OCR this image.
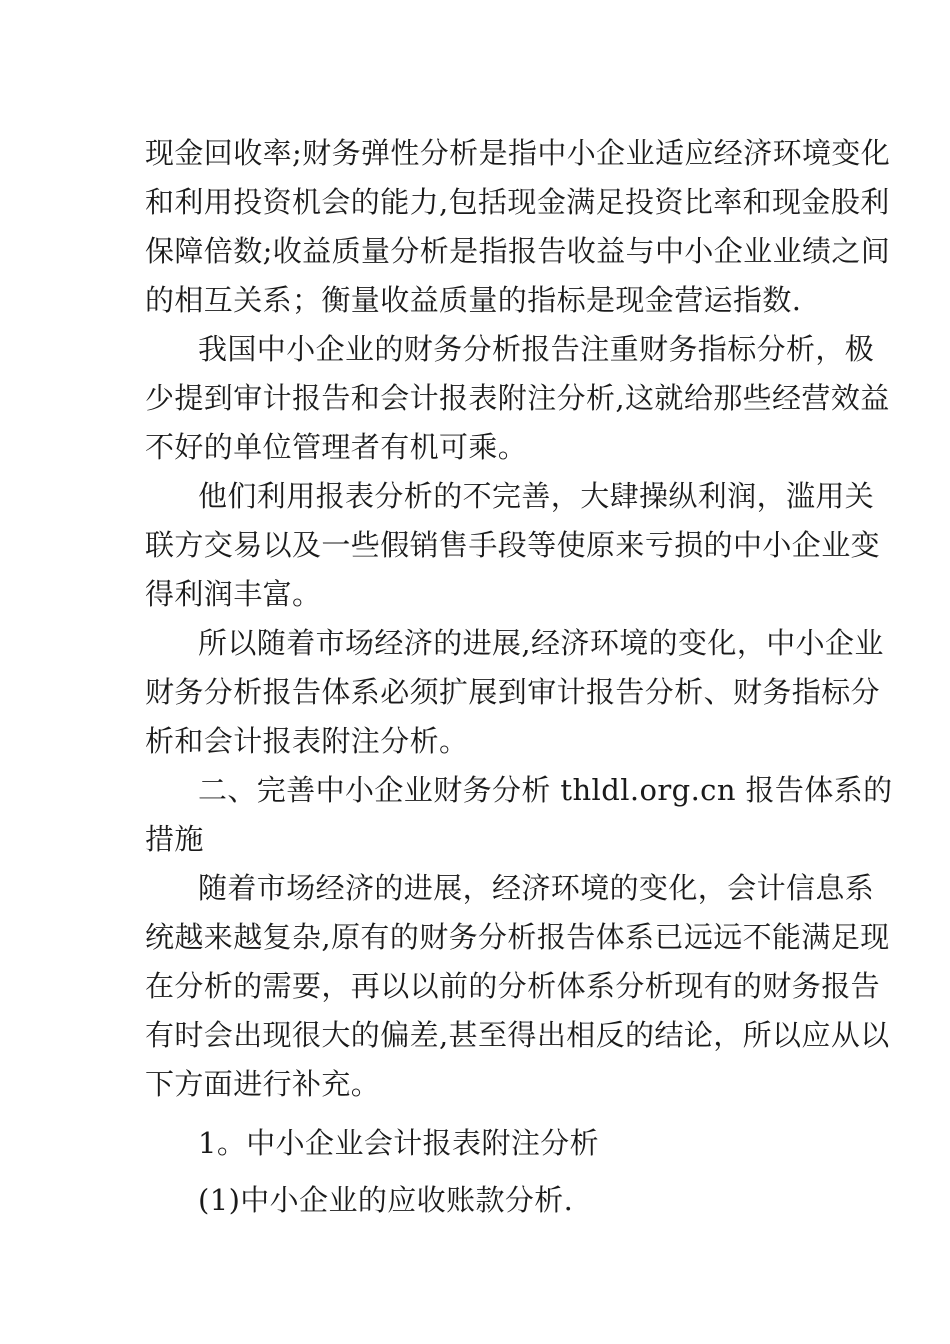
现金回收率;财务弹性分析是指中小企业适应经济环境变化
和利用投资机会的能力,包括现金满足投资比率和现金股利
保障倍数;收益质量分析是指报告收益与中小企业业绩之间
的相互关系；衡量收益质量的指标是现金营运指数.
我国中小企业的财务分析报告注重财务指标分析，极
少提到审计报告和会计报表附注分析,这就给那些经营效益
不好的单位管理者有机可乘。
他们利用报表分析的不完善，大肆操纵利润，滥用关
联方交易以及一些假销售手段等使原来亏损的中小企业变
得利润丰富。
所以随着市场经济的进展,经济环境的变化，中小企业
财务分析报告体系必须扩展到审计报告分析、财务指标分
析和会计报表附注分析。
二、完善中小企业财务分析 thldl.org.cn 报告体系的
措施
随着市场经济的进展，经济环境的变化，会计信息系
统越来越复杂,原有的财务分析报告体系已远远不能满足现
在分析的需要，再以以前的分析体系分析现有的财务报告
有时会出现很大的偏差,甚至得出相反的结论，所以应从以
下方面进行补充。
1。中小企业会计报表附注分析
(1)中小企业的应收账款分析.
